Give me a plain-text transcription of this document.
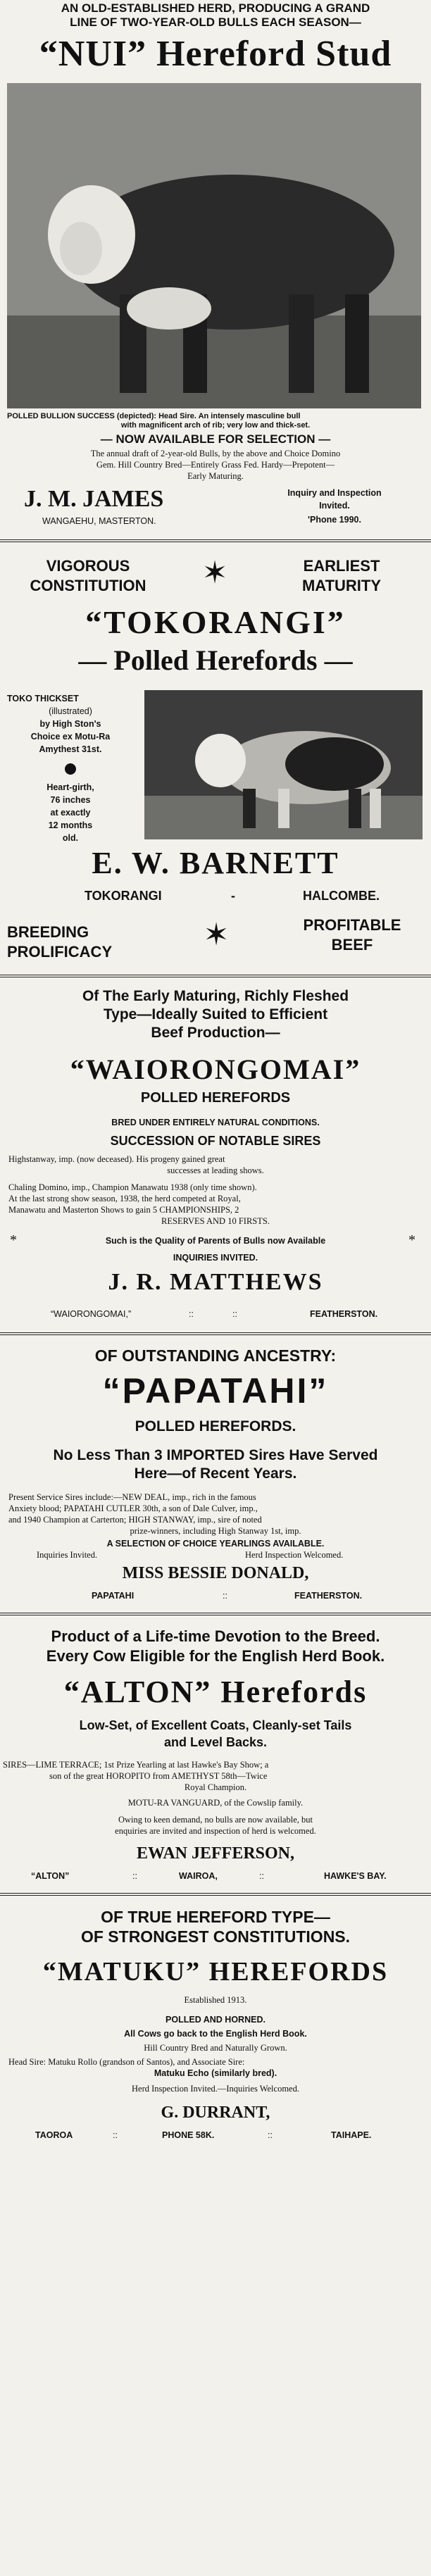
AN OLD-ESTABLISHED HERD, PRODUCING A GRAND
LINE OF TWO-YEAR-OLD BULLS EACH SEASON—
“NUI” Hereford Stud
POLLED BULLION SUCCESS (depicted): Head Sire. An intensely masculine bull
with magnificent arch of rib; very low and thick-set.
— NOW AVAILABLE FOR SELECTION —
The annual draft of 2-year-old Bulls, by the above and Choice Domino
Gem. Hill Country Bred—Entirely Grass Fed. Hardy—Prepotent—
Early Maturing.
J. M. JAMES
WANGAEHU, MASTERTON.
Inquiry and Inspection
Invited.
'Phone 1990.
VIGOROUS
CONSTITUTION	✶	EARLIEST
MATURITY
“TOKORANGI”
— Polled Herefords —
TOKO THICKSET
(illustrated)
by High Ston's
Choice ex Motu-Ra
Amythest 31st.
Heart-girth,
76 inches
at exactly
12 months
old.
E. W. BARNETT
TOKORANGI	-	HALCOMBE.
BREEDING
PROLIFICACY	✶	PROFITABLE
BEEF
Of The Early Maturing, Richly Fleshed
Type—Ideally Suited to Efficient
Beef Production—
“WAIORONGOMAI”
POLLED HEREFORDS
BRED UNDER ENTIRELY NATURAL CONDITIONS.
SUCCESSION OF NOTABLE SIRES
Highstanway, imp. (now deceased). His progeny gained great
successes at leading shows.
Chaling Domino, imp., Champion Manawatu 1938 (only time shown).
At the last strong show season, 1938, the herd competed at Royal,
Manawatu and Masterton Shows to gain 5 CHAMPIONSHIPS, 2
RESERVES AND 10 FIRSTS.
*	Such is the Quality of Parents of Bulls now Available	*
INQUIRIES INVITED.
J. R. MATTHEWS
“WAIORONGOMAI,”	::	::	FEATHERSTON.
OF OUTSTANDING ANCESTRY:
“PAPATAHI”
POLLED HEREFORDS.
No Less Than 3 IMPORTED Sires Have Served
Here—of Recent Years.
Present Service Sires include:—NEW DEAL, imp., rich in the famous
Anxiety blood; PAPATAHI CUTLER 30th, a son of Dale Culver, imp.,
and 1940 Champion at Carterton; HIGH STANWAY, imp., sire of noted
prize-winners, including High Stanway 1st, imp.
A SELECTION OF CHOICE YEARLINGS AVAILABLE.
Inquiries Invited.	Herd Inspection Welcomed.
MISS BESSIE DONALD,
PAPATAHI	::	FEATHERSTON.
Product of a Life-time Devotion to the Breed.
Every Cow Eligible for the English Herd Book.
“ALTON” Herefords
Low-Set, of Excellent Coats, Cleanly-set Tails
and Level Backs.
SIRES—LIME TERRACE; 1st Prize Yearling at last Hawke's Bay Show; a
son of the great HOROPITO from AMETHYST 58th—Twice
Royal Champion.
MOTU-RA VANGUARD, of the Cowslip family.
Owing to keen demand, no bulls are now available, but
enquiries are invited and inspection of herd is welcomed.
EWAN JEFFERSON,
“ALTON”	::	WAIROA,	::	HAWKE'S BAY.
OF TRUE HEREFORD TYPE—
OF STRONGEST CONSTITUTIONS.
“MATUKU” HEREFORDS
Established 1913.
POLLED AND HORNED.
All Cows go back to the English Herd Book.
Hill Country Bred and Naturally Grown.
Head Sire: Matuku Rollo (grandson of Santos), and Associate Sire:
Matuku Echo (similarly bred).
Herd Inspection Invited.—Inquiries Welcomed.
G. DURRANT,
TAOROA	::	PHONE 58K.	::	TAIHAPE.
